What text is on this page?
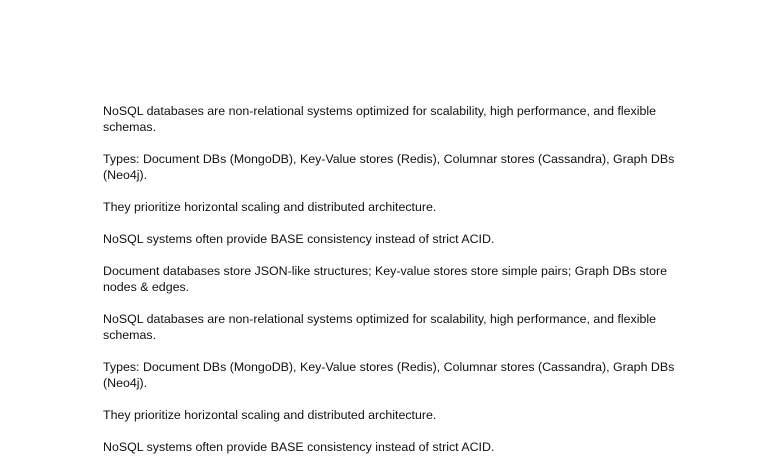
NoSQL databases are non-relational systems optimized for scalability, high performance, and flexible schemas.

Types: Document DBs (MongoDB), Key-Value stores (Redis), Columnar stores (Cassandra), Graph DBs (Neo4j).

They prioritize horizontal scaling and distributed architecture.

NoSQL systems often provide BASE consistency instead of strict ACID.

Document databases store JSON-like structures; Key-value stores store simple pairs; Graph DBs store nodes & edges.

NoSQL databases are non-relational systems optimized for scalability, high performance, and flexible schemas.

Types: Document DBs (MongoDB), Key-Value stores (Redis), Columnar stores (Cassandra), Graph DBs (Neo4j).

They prioritize horizontal scaling and distributed architecture.

NoSQL systems often provide BASE consistency instead of strict ACID.
